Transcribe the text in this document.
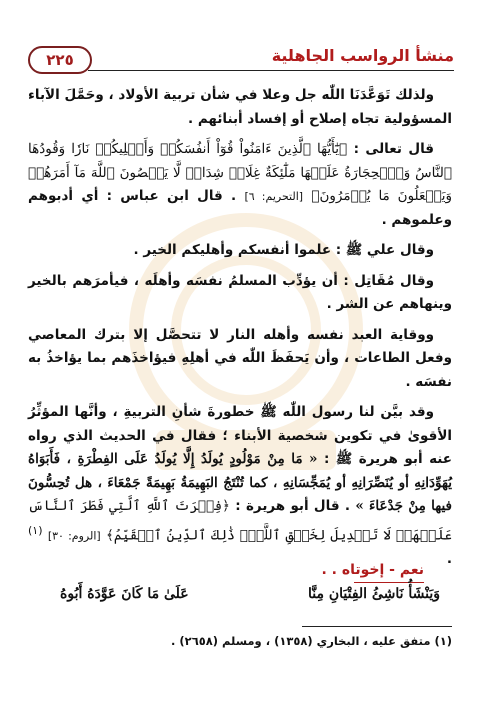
٢٢٥	منشأ الرواسب الجاهلية

ولذلك تَوَعَّدَنَا اللّٰه جل وعلا في شأن تربية الأولاد ، وحَمَّلَ الآباء المسؤولية تجاه إصلاح أو إفساد أبنائهم .

قال تعالى : ﴿يَٰٓأَيُّهَا ٱلَّذِينَ ءَامَنُواْ قُوٓاْ أَنفُسَكُمۡ وَأَهۡلِيكُمۡ نَارٗا وَقُودُهَا ٱلنَّاسُ وَٱلۡحِجَارَةُ عَلَيۡهَا مَلَٰٓئِكَةٌ غِلَاظٞ شِدَادٞ لَّا يَعۡصُونَ ٱللَّهَ مَآ أَمَرَهُمۡ وَيَفۡعَلُونَ مَا يُؤۡمَرُونَ﴾ [التحريم: ٦] . قال ابن عباس : أي أدبوهم وعلموهم .

وقال علي ﷺ : علموا أنفسكم وأهليكم الخير .

وقال مُقَاتِل : أن يؤدِّب المسلمُ نفسَه وأهلَه ، فيأمرَهم بالخير وينهاهم عن الشر .

ووقاية العبد نفسه وأهله النار لا تتحصَّل إلا بترك المعاصي وفعل الطاعات ، وأن يَحفَظَ اللّٰه في أهلِهِ فيؤاخذَهم بما يؤاخذُ به نفسَه .

وقد بيَّن لنا رسول اللّٰه ﷺ خطورةَ شأنِ التربيةِ ، وأنَّها المؤثِّرُ الأقوىٰ في تكوين شخصية الأبناء ؛ فقال في الحديث الذي رواه عنه أبو هريرة ﷺ : « مَا مِنْ مَوْلُودٍ يُولَدُ إِلَّا يُولَدُ عَلَى الفِطْرَةِ ، فَأَبَوَاهُ يُهَوِّدَانِهِ أو يُنَصِّرَانِهِ أو يُمَجِّسَانِهِ ، كما تُنْتَجُ البَهِيمَةُ بَهِيمَةً جَمْعَاءَ ، هل تُحِسُّونَ فيها مِنْ جَدْعَاءَ » . قال أبو هريرة : ﴿فِطۡرَتَ ٱللَّهِ ٱلَّتِي فَطَرَ ٱلنَّاسَ عَلَيۡهَاۚ لَا تَبۡدِيلَ لِخَلۡقِ ٱللَّهِۚ ذَٰلِكَ ٱلدِّينُ ٱلۡقَيِّمُ﴾ [الروم: ٣٠] $^{(١)}$ .

نعم - إخوتاه . .
وَيَنْشَأُ نَاشِئُ الفِتْيَانِ مِنَّا
عَلَىٰ مَا كَانَ عَوَّدَهُ أَبُوهُ
(١) متفق عليه ، البخاري (١٣٥٨) ، ومسلم (٢٦٥٨) .
